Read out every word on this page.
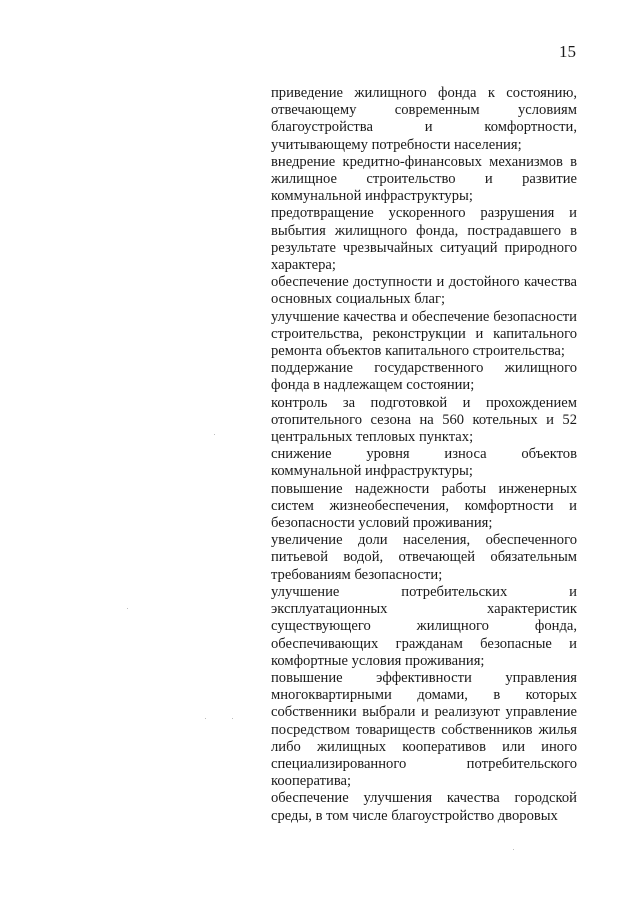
15

приведение жилищного фонда к состоянию, отвечающему современным условиям благоустройства и комфортности, учитывающему потребности населения;

внедрение кредитно-финансовых механизмов в жилищное строительство и развитие коммунальной инфраструктуры;

предотвращение ускоренного разрушения и выбытия жилищного фонда, пострадавшего в результате чрезвычайных ситуаций природного характера;

обеспечение доступности и достойного качества основных социальных благ;

улучшение качества и обеспечение безопасности строительства, реконструкции и капитального ремонта объектов капитального строительства;

поддержание государственного жилищного фонда в надлежащем состоянии;

контроль за подготовкой и прохождением отопительного сезона на 560 котельных и 52 центральных тепловых пунктах;

снижение уровня износа объектов коммунальной инфраструктуры;

повышение надежности работы инженерных систем жизнеобеспечения, комфортности и безопасности условий проживания;

увеличение доли населения, обеспеченного питьевой водой, отвечающей обязательным требованиям безопасности;

улучшение потребительских и эксплуатационных характеристик существующего жилищного фонда, обеспечивающих гражданам безопасные и комфортные условия проживания;

повышение эффективности управления многоквартирными домами, в которых собственники выбрали и реализуют управление посредством товариществ собственников жилья либо жилищных кооперативов или иного специализированного потребительского кооператива;

обеспечение улучшения качества городской среды, в том числе благоустройство дворовых
